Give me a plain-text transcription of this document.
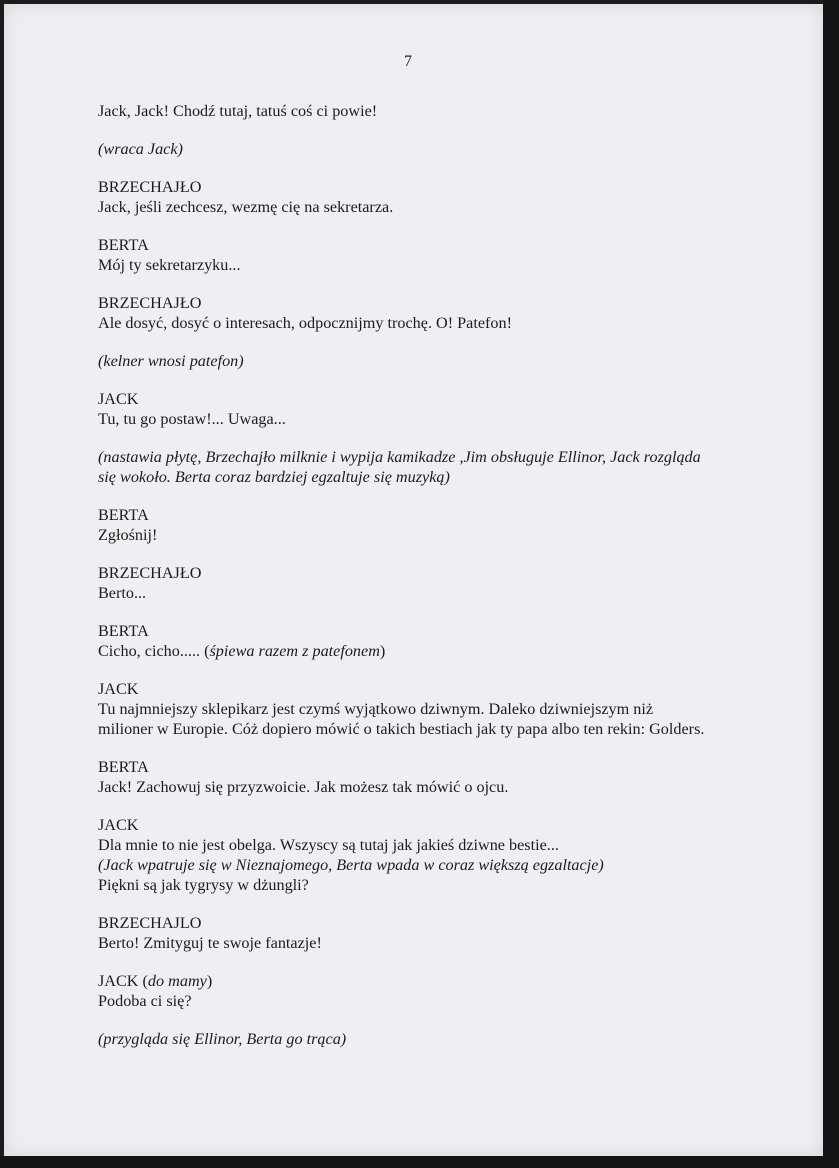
7
Jack, Jack! Chodź tutaj, tatuś coś ci powie!
(wraca Jack)
BRZECHAJŁO
Jack, jeśli zechcesz, wezmę cię na sekretarza.
BERTA
Mój ty sekretarzyku...
BRZECHAJŁO
Ale dosyć, dosyć o interesach, odpocznijmy trochę. O! Patefon!
(kelner wnosi patefon)
JACK
Tu, tu go postaw!... Uwaga...
(nastawia płytę, Brzechajło milknie i wypija kamikadze ,Jim obsługuje Ellinor, Jack rozgląda
się wokoło. Berta coraz bardziej egzaltuje się muzyką)
BERTA
Zgłośnij!
BRZECHAJŁO
Berto...
BERTA
Cicho, cicho..... (śpiewa razem z patefonem)
JACK
Tu najmniejszy sklepikarz jest czymś wyjątkowo dziwnym. Daleko dziwniejszym niż
milioner w Europie. Cóż dopiero mówić o takich bestiach jak ty papa albo ten rekin: Golders.
BERTA
Jack! Zachowuj się przyzwoicie. Jak możesz tak mówić o ojcu.
JACK
Dla mnie to nie jest obelga. Wszyscy są tutaj jak jakieś dziwne bestie...
(Jack wpatruje się w Nieznajomego, Berta wpada w coraz większą egzaltacje)
Piękni są jak tygrysy w dżungli?
BRZECHAJLO
Berto! Zmityguj te swoje fantazje!
JACK (do mamy)
Podoba ci się?
(przygląda się Ellinor, Berta go trąca)
